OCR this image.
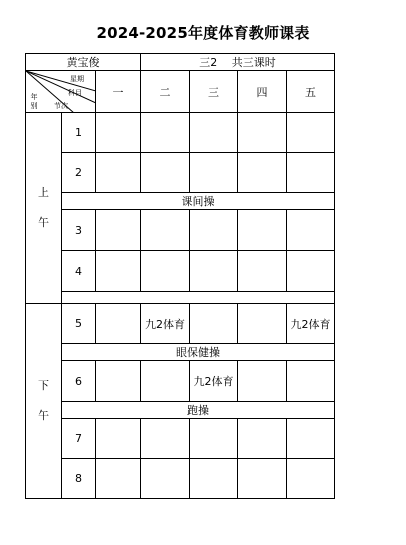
2024-2025年度体育教师课表
黄宝俊			三2　 共三课时			

星期
科目
年别 节次		一	二	三	四	五

上
午	1					
	2					
	课间操					
	3					
	4					

下
午	5		九2体育			九2体育
	眼保健操					
	6			九2体育		
	跑操					
	7					
	8					
